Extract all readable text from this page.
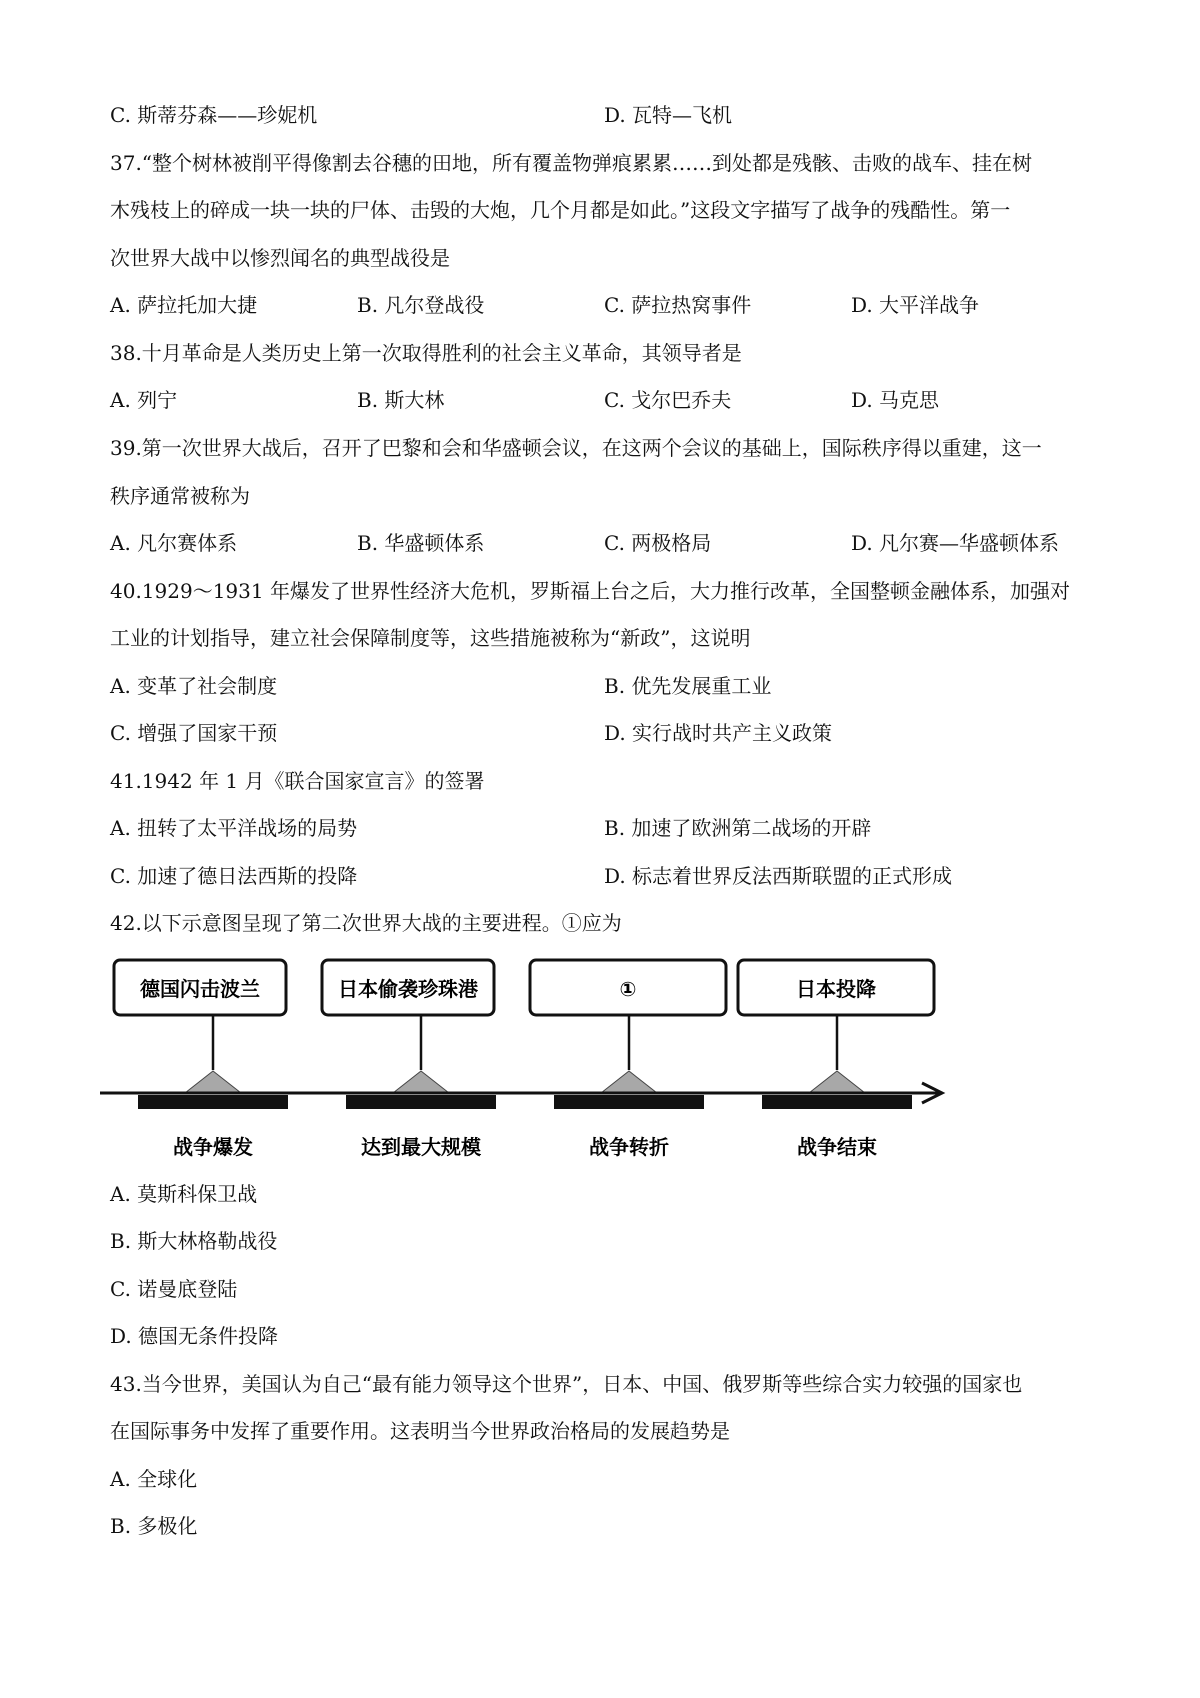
C. 斯蒂芬森——珍妮机	D. 瓦特—飞机
37.“整个树林被削平得像割去谷穗的田地，所有覆盖物弹痕累累……到处都是残骸、击败的战车、挂在树
木残枝上的碎成一块一块的尸体、击毁的大炮，几个月都是如此。”这段文字描写了战争的残酷性。第一
次世界大战中以惨烈闻名的典型战役是
A. 萨拉托加大捷	B. 凡尔登战役	C. 萨拉热窝事件	D. 大平洋战争
38.十月革命是人类历史上第一次取得胜利的社会主义革命，其领导者是
A. 列宁	B. 斯大林	C. 戈尔巴乔夫	D. 马克思
39.第一次世界大战后，召开了巴黎和会和华盛顿会议，在这两个会议的基础上，国际秩序得以重建，这一
秩序通常被称为
A. 凡尔赛体系	B. 华盛顿体系	C. 两极格局	D. 凡尔赛—华盛顿体系
40.1929～1931 年爆发了世界性经济大危机，罗斯福上台之后，大力推行改革，全国整顿金融体系，加强对
工业的计划指导，建立社会保障制度等，这些措施被称为“新政”，这说明
A. 变革了社会制度	B. 优先发展重工业
C. 增强了国家干预	D. 实行战时共产主义政策
41.1942 年 1 月《联合国家宣言》的签署
A. 扭转了太平洋战场的局势	B. 加速了欧洲第二战场的开辟
C. 加速了德日法西斯的投降	D. 标志着世界反法西斯联盟的正式形成
42.以下示意图呈现了第二次世界大战的主要进程。①应为
德国闪击波兰	日本偷袭珍珠港	①	日本投降
战争爆发	达到最大规模	战争转折	战争结束
A. 莫斯科保卫战
B. 斯大林格勒战役
C. 诺曼底登陆
D. 德国无条件投降
43.当今世界，美国认为自己“最有能力领导这个世界”，日本、中国、俄罗斯等些综合实力较强的国家也
在国际事务中发挥了重要作用。这表明当今世界政治格局的发展趋势是
A. 全球化
B. 多极化
